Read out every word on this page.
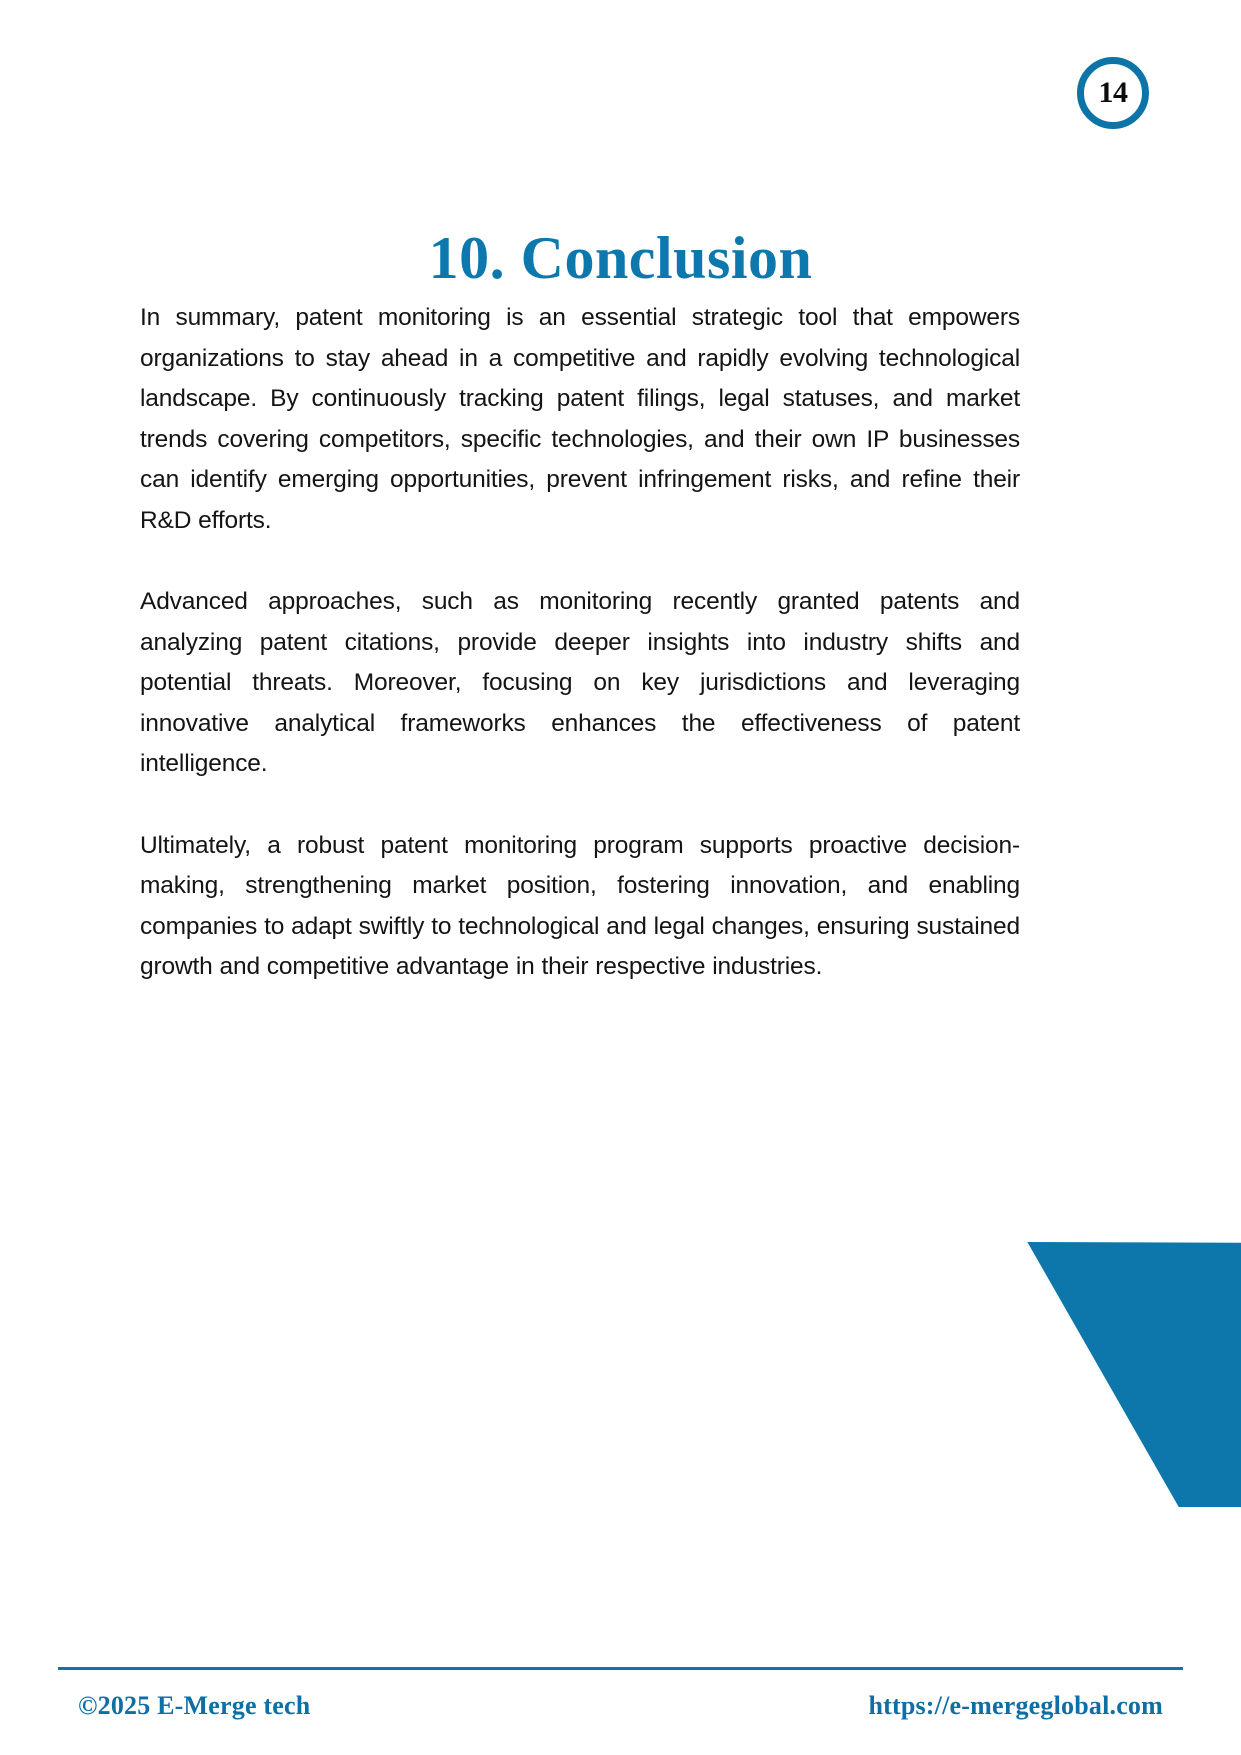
14
10. Conclusion

In summary, patent monitoring is an essential strategic tool that empowers organizations to stay ahead in a competitive and rapidly evolving technological landscape. By continuously tracking patent filings, legal statuses, and market trends covering competitors, specific technologies, and their own IP businesses can identify emerging opportunities, prevent infringement risks, and refine their R&D efforts.

Advanced approaches, such as monitoring recently granted patents and analyzing patent citations, provide deeper insights into industry shifts and potential threats. Moreover, focusing on key jurisdictions and leveraging innovative analytical frameworks enhances the effectiveness of patent intelligence.

Ultimately, a robust patent monitoring program supports proactive decision-making, strengthening market position, fostering innovation, and enabling companies to adapt swiftly to technological and legal changes, ensuring sustained growth and competitive advantage in their respective industries.

©2025 E-Merge tech	https://e-mergeglobal.com
